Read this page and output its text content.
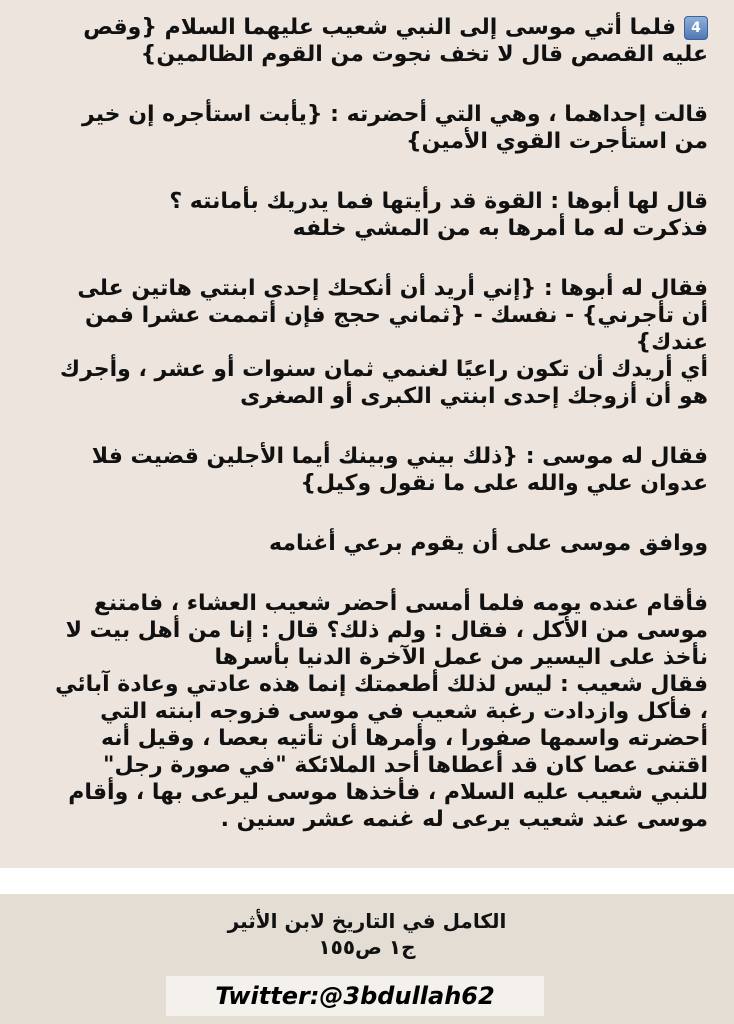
4فلما أتي موسى إلى النبي شعيب عليهما السلام {وقص
عليه القصص قال لا تخف نجوت من القوم الظالمين}

قالت إحداهما ، وهي التي أحضرته : {يأبت استأجره إن خير
من استأجرت القوي الأمين}

قال لها أبوها : القوة قد رأيتها فما يدريك بأمانته ؟
فذكرت له ما أمرها به من المشي خلفه

فقال له أبوها : {إني أريد أن أنكحك إحدى ابنتي هاتين على
أن تأجرني} - نفسك - {ثماني حجج فإن أتممت عشرا فمن
عندك}
أي أريدك أن تكون راعيًا لغنمي ثمان سنوات أو عشر ، وأجرك
هو أن أزوجك إحدى ابنتي الكبرى أو الصغرى

فقال له موسى : {ذلك بيني وبينك أيما الأجلين قضيت فلا
عدوان علي والله على ما نقول وكيل}

ووافق موسى على أن يقوم برعي أغنامه

فأقام عنده يومه فلما أمسى أحضر شعيب العشاء ، فامتنع
موسى من الأكل ، فقال : ولم ذلك؟ قال : إنا من أهل بيت لا
نأخذ على اليسير من عمل الآخرة الدنيا بأسرها
فقال شعيب : ليس لذلك أطعمتك إنما هذه عادتي وعادة آبائي
، فأكل وازدادت رغبة شعيب في موسى فزوجه ابنته التي
أحضرته واسمها صفورا ، وأمرها أن تأتيه بعصا ، وقيل أنه
اقتنى عصا كان قد أعطاها أحد الملائكة "في صورة رجل"
للنبي شعيب عليه السلام ، فأخذها موسى ليرعى بها ، وأقام
موسى عند شعيب يرعى له غنمه عشر سنين .

الكامل في التاريخ لابن الأثير
ج١ ص١٥٥
Twitter:@3bdullah62
